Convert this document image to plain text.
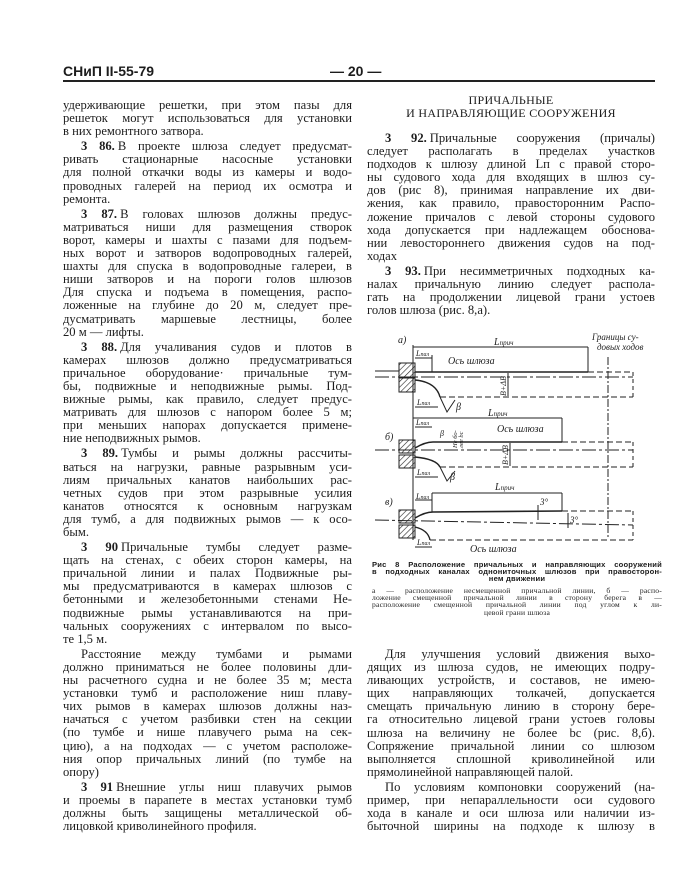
СНиП II-55-79	— 20 —
удерживающие решетки, при этом пазы для
решеток могут использоваться для установки
в них ремонтного затвора.
3 86. В проекте шлюза следует предусмат-
ривать стационарные насосные установки
для полной откачки воды из камеры и водо-
проводных галерей на период их осмотра и
ремонта.
3 87. В головах шлюзов должны предус-
матриваться ниши для размещения створок
ворот, камеры и шахты с пазами для подъем-
ных ворот и затворов водопроводных галерей,
шахты для спуска в водопроводные галереи, в
ниши затворов и на пороги голов шлюзов
Для спуска и подъема в помещения, распо-
ложенные на глубине до 20 м, следует пре-
дусматривать маршевые лестницы, более
20 м — лифты.
3 88. Для учаливания судов и плотов в
камерах шлюзов должно предусматриваться
причальное оборудование· причальные тум-
бы, подвижные и неподвижные рымы. Под-
вижные рымы, как правило, следует предус-
матривать для шлюзов с напором более 5 м;
при меньших напорах допускается примене-
ние неподвижных рымов.
3 89. Тумбы и рымы должны рассчиты-
ваться на нагрузки, равные разрывным уси-
лиям причальных канатов наибольших рас-
четных судов при этом разрывные усилия
канатов относятся к основным нагрузкам
для тумб, а для подвижных рымов — к осо-
бым.
3 90 Причальные тумбы следует разме-
щать на стенах, с обеих сторон камеры, на
причальной линии и палах Подвижные ры-
мы предусматриваются в камерах шлюзов с
бетонными и железобетонными стенами Не-
подвижные рымы устанавливаются на при-
чальных сооружениях с интервалом по высо-
те 1,5 м.
Расстояние между тумбами и рымами
должно приниматься не более половины дли-
ны расчетного судна и не более 35 м; места
установки тумб и расположение ниш плаву-
чих рымов в камерах шлюзов должны наз-
начаться с учетом разбивки стен на секции
(по тумбе и нише плавучего рыма на сек-
цию), а на подходах — с учетом расположе-
ния опор причальных линий (по тумбе на
опору)
3 91 Внешние углы ниш плавучих рымов
и проемы в парапете в местах установки тумб
должны быть защищены металлической об-
лицовкой криволинейного профиля.
ПРИЧАЛЬНЫЕ
И НАПРАВЛЯЮЩИЕ СООРУЖЕНИЯ
3 92. Причальные сооружения (причалы)
следует располагать в пределах участков
подходов к шлюзу длиной Lп с правой сторо-
ны судового хода для входящих в шлюз су-
дов (рис 8), принимая направление их дви-
жения, как правило, правосторонним Распо-
ложение причалов с левой стороны судового
хода допускается при надлежащем обоснова-
нии левостороннего движения судов на под-
ходах
3 93. При несимметричных подходных ка-
налах причальную линию следует распола-
гать на продолжении лицевой грани устоев
голов шлюза (рис. 8,а).
а)
б)
в)
Границы су-
довых ходов
Lприч
Lприч
Lприч
Lпал
Lпал
Lпал
Lпал
Lпал
Lпал
Ось шлюза
Ось шлюза
Ось шлюза
B+ΔB
B+ΔB
Не бо- лее bс
β
β
β
3°
3°
Рис 8 Расположение причальных и направляющих сооружений
в подходных каналах однониточных шлюзов при правосторон-
нем движении
а — расположение несмещенной причальной линии, б — распо-
ложение смещенной причальной линии в сторону берега в —
расположение смещенной причальной линии под углом к ли-
цевой грани шлюза
Для улучшения условий движения выхо-
дящих из шлюза судов, не имеющих подру-
ливающих устройств, и составов, не имею-
щих направляющих толкачей, допускается
смещать причальную линию в сторону бере-
га относительно лицевой грани устоев головы
шлюза на величину не более bс (рис. 8,б).
Сопряжение причальной линии со шлюзом
выполняется сплошной криволинейной или
прямолинейной направляющей палой.
По условиям компоновки сооружений (на-
пример, при непараллельности оси судового
хода в канале и оси шлюза или наличии из-
быточной ширины на подходе к шлюзу в
